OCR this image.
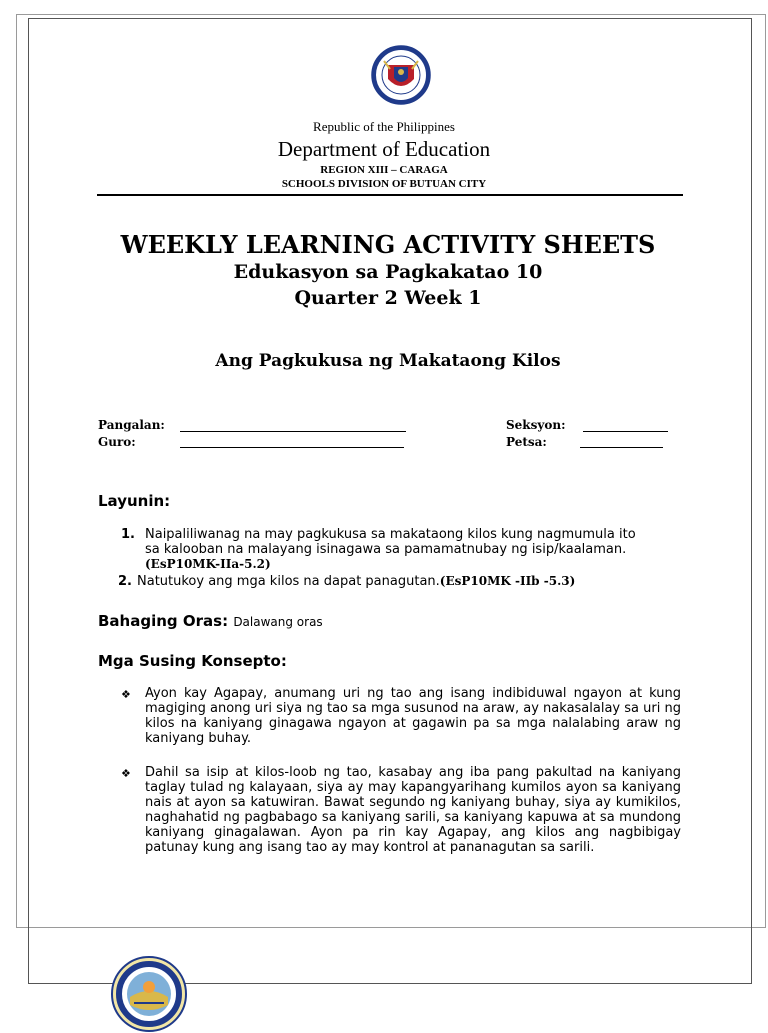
Republic of the Philippines
Department of Education
REGION XIII – CARAGA
SCHOOLS DIVISION OF BUTUAN CITY
WEEKLY LEARNING ACTIVITY SHEETS
Edukasyon sa Pagkakatao 10
Quarter 2 Week 1
Ang Pagkukusa ng Makataong Kilos
Pangalan:	Seksyon:
Guro:	Petsa:
Layunin:
1. Naipaliliwanag na may pagkukusa sa makataong kilos kung nagmumula ito
sa kalooban na malayang isinagawa sa pamamatnubay ng isip/kaalaman.
(EsP10MK-IIa-5.2)
2. Natutukoy ang mga kilos na dapat panagutan.(EsP10MK -IIb -5.3)
Bahaging Oras: Dalawang oras
Mga Susing Konsepto:
❖ Ayon kay Agapay, anumang uri ng tao ang isang indibiduwal ngayon at kung magiging anong uri siya ng tao sa mga susunod na araw, ay nakasalalay sa uri ng kilos na kaniyang ginagawa ngayon at gagawin pa sa mga nalalabing araw ng kaniyang buhay.
❖ Dahil sa isip at kilos-loob ng tao, kasabay ang iba pang pakultad na kaniyang taglay tulad ng kalayaan, siya ay may kapangyarihang kumilos ayon sa kaniyang nais at ayon sa katuwiran. Bawat segundo ng kaniyang buhay, siya ay kumikilos, naghahatid ng pagbabago sa kaniyang sarili, sa kaniyang kapuwa at sa mundong kaniyang ginagalawan. Ayon pa rin kay Agapay, ang kilos ang nagbibigay patunay kung ang isang tao ay may kontrol at pananagutan sa sarili.
